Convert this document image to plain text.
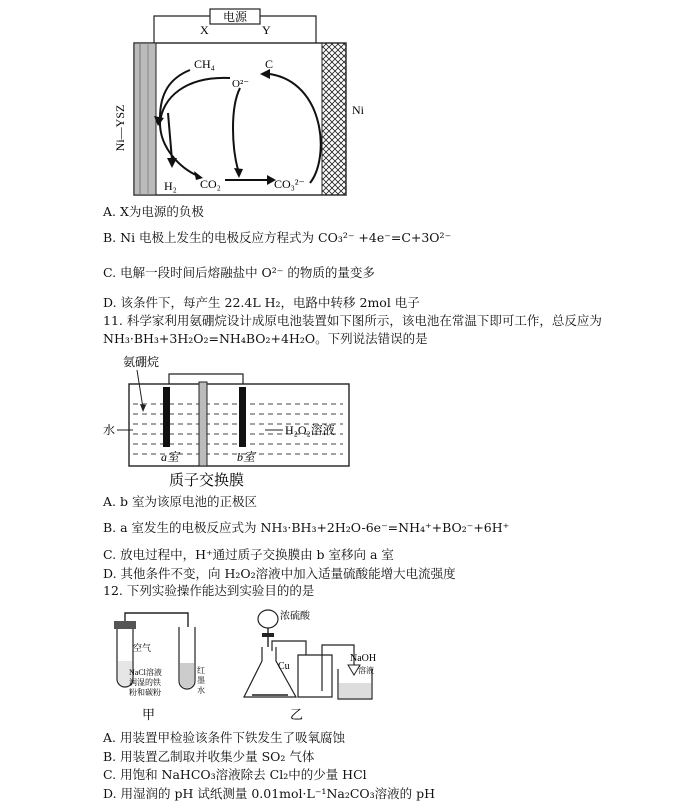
电源
X	Y
Ni—YSZ	Ni
CH₄	C
O²⁻
H₂ CO₂	CO₃²⁻
A. X为电源的负极
B. Ni 电极上发生的电极反应方程式为 CO₃²⁻ +4e⁻=C+3O²⁻
C. 电解一段时间后熔融盐中 O²⁻ 的物质的量变多
D. 该条件下，每产生 22.4L H₂，电路中转移 2mol 电子
11. 科学家利用氨硼烷设计成原电池装置如下图所示，该电池在常温下即可工作，总反应为
NH₃·BH₃+3H₂O₂=NH₄BO₂+4H₂O。下列说法错误的是
氨硼烷
水	H₂O₂溶液
a室	b室
质子交换膜
A. b 室为该原电池的正极区
B. a 室发生的电极反应式为 NH₃·BH₃+2H₂O-6e⁻=NH₄⁺+BO₂⁻+6H⁺
C. 放电过程中，H⁺通过质子交换膜由 b 室移向 a 室
D. 其他条件不变，向 H₂O₂溶液中加入适量硫酸能增大电流强度
12. 下列实验操作能达到实验目的的是
空气
NaCl溶液
润湿的铁
粉和碳粉
红
墨
水
甲
浓硫酸
Cu
NaOH
溶液
乙
A. 用装置甲检验该条件下铁发生了吸氧腐蚀
B. 用装置乙制取并收集少量 SO₂ 气体
C. 用饱和 NaHCO₃溶液除去 Cl₂中的少量 HCl
D. 用湿润的 pH 试纸测量 0.01mol·L⁻¹Na₂CO₃溶液的 pH
